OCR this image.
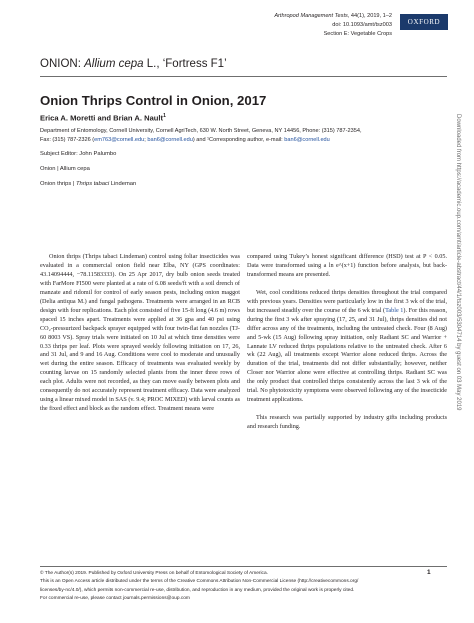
Arthropod Management Tests, 44(1), 2019, 1–2
doi: 10.1093/amt/tsz003
Section E: Vegetable Crops
OXFORD
ONION: Allium cepa L., ‘Fortress F1’
Onion Thrips Control in Onion, 2017
Erica A. Moretti and Brian A. Nault$^1$
Department of Entomology, Cornell University, Cornell AgriTech, 630 W. North Street, Geneva, NY 14456, Phone: (315) 787-2354,
Fax: (315) 787-2326 (em763@cornell.edu; ban6@cornell.edu) and ¹Corresponding author, e-mail: ban6@cornell.edu
Subject Editor: John Palumbo
Onion | Allium cepa
Onion thrips | Thrips tabaci Lindeman

Onion thrips (Thrips tabaci Lindeman) control using foliar insecticides was evaluated in a commercial onion field near Elba, NY (GPS coordinates: 43.14094444, −78.11583333). On 25 Apr 2017, dry bulb onion seeds treated with FarMore FI500 were planted at a rate of 6.08 seeds/ft with a soil drench of manzate and ridomil for control of early season pests, including onion maggot (Delia antiqua M.) and fungal pathogens. Treatments were arranged in an RCB design with four replications. Each plot consisted of five 15-ft long (4.6 m) rows spaced 15 inches apart. Treatments were applied at 36 gpa and 40 psi using CO₂-pressurized backpack sprayer equipped with four twin-flat fan nozzles (TJ-60 8003 VS). Spray trials were initiated on 10 Jul at which time densities were 0.33 thrips per leaf. Plots were sprayed weekly following initiation on 17, 26, and 31 Jul, and 9 and 16 Aug. Conditions were cool to moderate and unusually wet during the entire season. Efficacy of treatments was evaluated weekly by counting larvae on 15 randomly selected plants from the inner three rows of each plot. Adults were not recorded, as they can move easily between plots and consequently do not accurately represent treatment efficacy. Data were analyzed using a linear mixed model in SAS (v. 9.4; PROC MIXED) with larval counts as the fixed effect and block as the random effect. Treatment means were

compared using Tukey’s honest significant difference (HSD) test at P < 0.05. Data were transformed using a ln e^(x+1) function before analysis, but back-transformed means are presented.

Wet, cool conditions reduced thrips densities throughout the trial compared with previous years. Densities were particularly low in the first 3 wk of the trial, but increased steadily over the course of the 6 wk trial (Table 1). For this reason, during the first 3 wk after spraying (17, 25, and 31 Jul), thrips densities did not differ across any of the treatments, including the untreated check. Four (8 Aug) and 5-wk (15 Aug) following spray initiation, only Radiant SC and Warrior + Lannate LV reduced thrips populations relative to the untreated check. After 6 wk (22 Aug), all treatments except Warrior alone reduced thrips. Across the duration of the trial, treatments did not differ substantially; however, neither Closer nor Warrior alone were effective at controlling thrips. Radiant SC was the only product that controlled thrips consistently across the last 3 wk of the trial. No phytotoxicity symptoms were observed following any of the insecticide treatment applications.

This research was partially supported by industry gifts including products and research funding.

© The Author(s) 2019. Published by Oxford University Press on behalf of Entomological Society of America.
This is an Open Access article distributed under the terms of the Creative Commons Attribution Non-Commercial License (http://creativecommons.org/
licenses/by-nc/4.0/), which permits non-commercial re-use, distribution, and reproduction in any medium, provided the original work is properly cited.
For commercial re-use, please contact journals.permissions@oup.com
1
Downloaded from https://academic.oup.com/amt/article-abstract/44/1/tsz003/5304714 by guest on 03 May 2019
